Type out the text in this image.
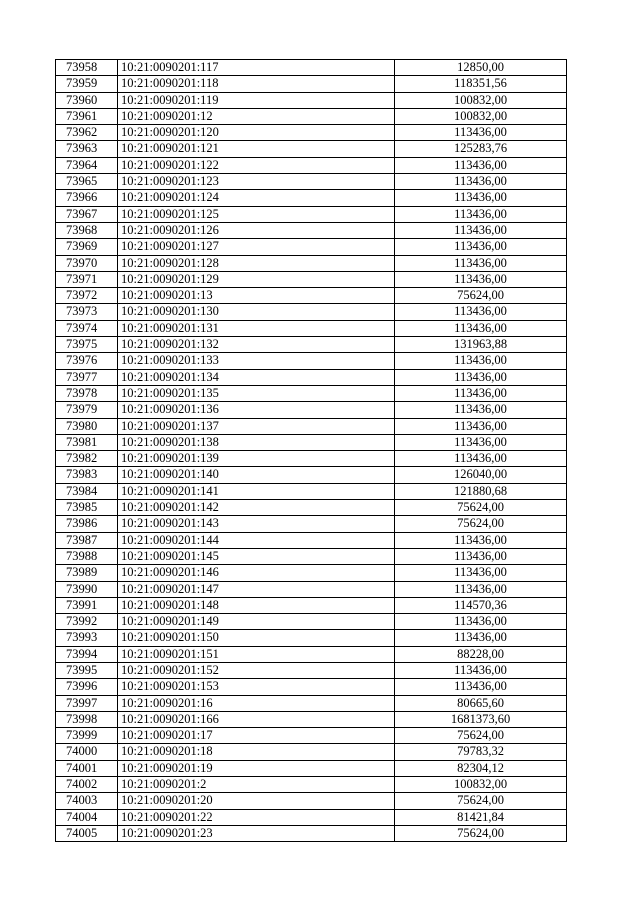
73958	10:21:0090201:117	12850,00
73959	10:21:0090201:118	118351,56
73960	10:21:0090201:119	100832,00
73961	10:21:0090201:12	100832,00
73962	10:21:0090201:120	113436,00
73963	10:21:0090201:121	125283,76
73964	10:21:0090201:122	113436,00
73965	10:21:0090201:123	113436,00
73966	10:21:0090201:124	113436,00
73967	10:21:0090201:125	113436,00
73968	10:21:0090201:126	113436,00
73969	10:21:0090201:127	113436,00
73970	10:21:0090201:128	113436,00
73971	10:21:0090201:129	113436,00
73972	10:21:0090201:13	75624,00
73973	10:21:0090201:130	113436,00
73974	10:21:0090201:131	113436,00
73975	10:21:0090201:132	131963,88
73976	10:21:0090201:133	113436,00
73977	10:21:0090201:134	113436,00
73978	10:21:0090201:135	113436,00
73979	10:21:0090201:136	113436,00
73980	10:21:0090201:137	113436,00
73981	10:21:0090201:138	113436,00
73982	10:21:0090201:139	113436,00
73983	10:21:0090201:140	126040,00
73984	10:21:0090201:141	121880,68
73985	10:21:0090201:142	75624,00
73986	10:21:0090201:143	75624,00
73987	10:21:0090201:144	113436,00
73988	10:21:0090201:145	113436,00
73989	10:21:0090201:146	113436,00
73990	10:21:0090201:147	113436,00
73991	10:21:0090201:148	114570,36
73992	10:21:0090201:149	113436,00
73993	10:21:0090201:150	113436,00
73994	10:21:0090201:151	88228,00
73995	10:21:0090201:152	113436,00
73996	10:21:0090201:153	113436,00
73997	10:21:0090201:16	80665,60
73998	10:21:0090201:166	1681373,60
73999	10:21:0090201:17	75624,00
74000	10:21:0090201:18	79783,32
74001	10:21:0090201:19	82304,12
74002	10:21:0090201:2	100832,00
74003	10:21:0090201:20	75624,00
74004	10:21:0090201:22	81421,84
74005	10:21:0090201:23	75624,00
